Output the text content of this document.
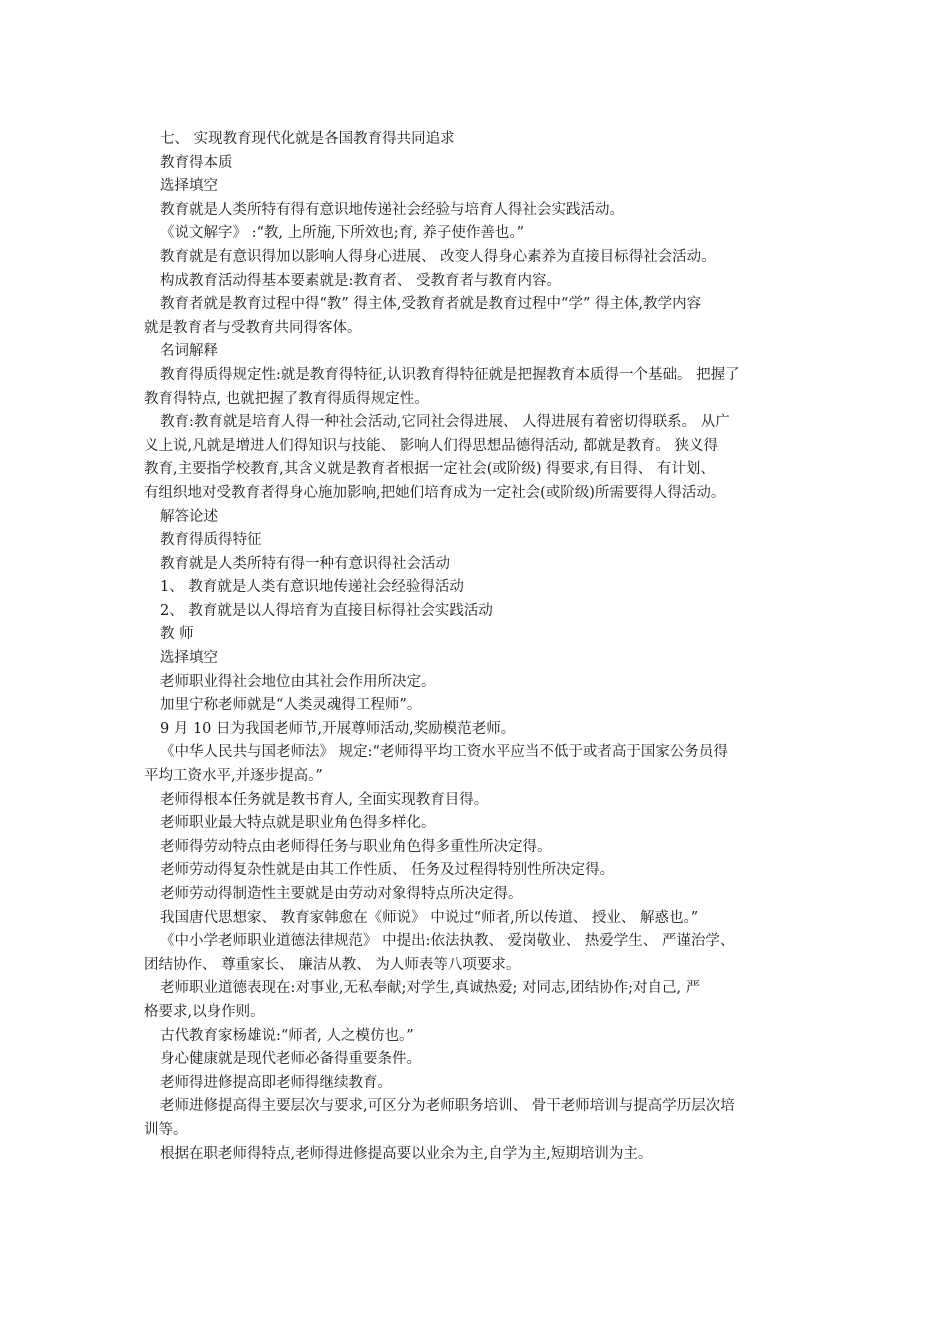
七、 实现教育现代化就是各国教育得共同追求
教育得本质
选择填空
教育就是人类所特有得有意识地传递社会经验与培育人得社会实践活动。
《说文解字》 :“教, 上所施,下所效也;育, 养子使作善也。”
教育就是有意识得加以影响人得身心进展、 改变人得身心素养为直接目标得社会活动。
构成教育活动得基本要素就是:教育者、 受教育者与教育内容。
教育者就是教育过程中得“教” 得主体,受教育者就是教育过程中“学” 得主体,教学内容
就是教育者与受教育共同得客体。
名词解释
教育得质得规定性:就是教育得特征,认识教育得特征就是把握教育本质得一个基础。 把握了
教育得特点, 也就把握了教育得质得规定性。
教育:教育就是培育人得一种社会活动,它同社会得进展、 人得进展有着密切得联系。 从广
义上说,凡就是增进人们得知识与技能、 影响人们得思想品德得活动, 都就是教育。 狭义得
教育,主要指学校教育,其含义就是教育者根据一定社会(或阶级) 得要求,有目得、 有计划、
有组织地对受教育者得身心施加影响,把她们培育成为一定社会(或阶级)所需要得人得活动。
解答论述
教育得质得特征
教育就是人类所特有得一种有意识得社会活动
1、 教育就是人类有意识地传递社会经验得活动
2、 教育就是以人得培育为直接目标得社会实践活动
教 师
选择填空
老师职业得社会地位由其社会作用所决定。
加里宁称老师就是“人类灵魂得工程师”。
9 月 10 日为我国老师节,开展尊师活动,奖励模范老师。
《中华人民共与国老师法》 规定:“老师得平均工资水平应当不低于或者高于国家公务员得
平均工资水平,并逐步提高。”
老师得根本任务就是教书育人, 全面实现教育目得。
老师职业最大特点就是职业角色得多样化。
老师得劳动特点由老师得任务与职业角色得多重性所决定得。
老师劳动得复杂性就是由其工作性质、 任务及过程得特别性所决定得。
老师劳动得制造性主要就是由劳动对象得特点所决定得。
我国唐代思想家、 教育家韩愈在《师说》 中说过“师者,所以传道、 授业、 解惑也。”
《中小学老师职业道德法律规范》 中提出:依法执教、 爱岗敬业、 热爱学生、 严谨治学、
团结协作、 尊重家长、 廉洁从教、 为人师表等八项要求。
老师职业道德表现在:对事业,无私奉献;对学生,真诚热爱; 对同志,团结协作;对自己, 严
格要求,以身作则。
古代教育家杨雄说:“师者, 人之模仿也。”
身心健康就是现代老师必备得重要条件。
老师得进修提高即老师得继续教育。
老师进修提高得主要层次与要求,可区分为老师职务培训、 骨干老师培训与提高学历层次培
训等。
根据在职老师得特点,老师得进修提高要以业余为主,自学为主,短期培训为主。
